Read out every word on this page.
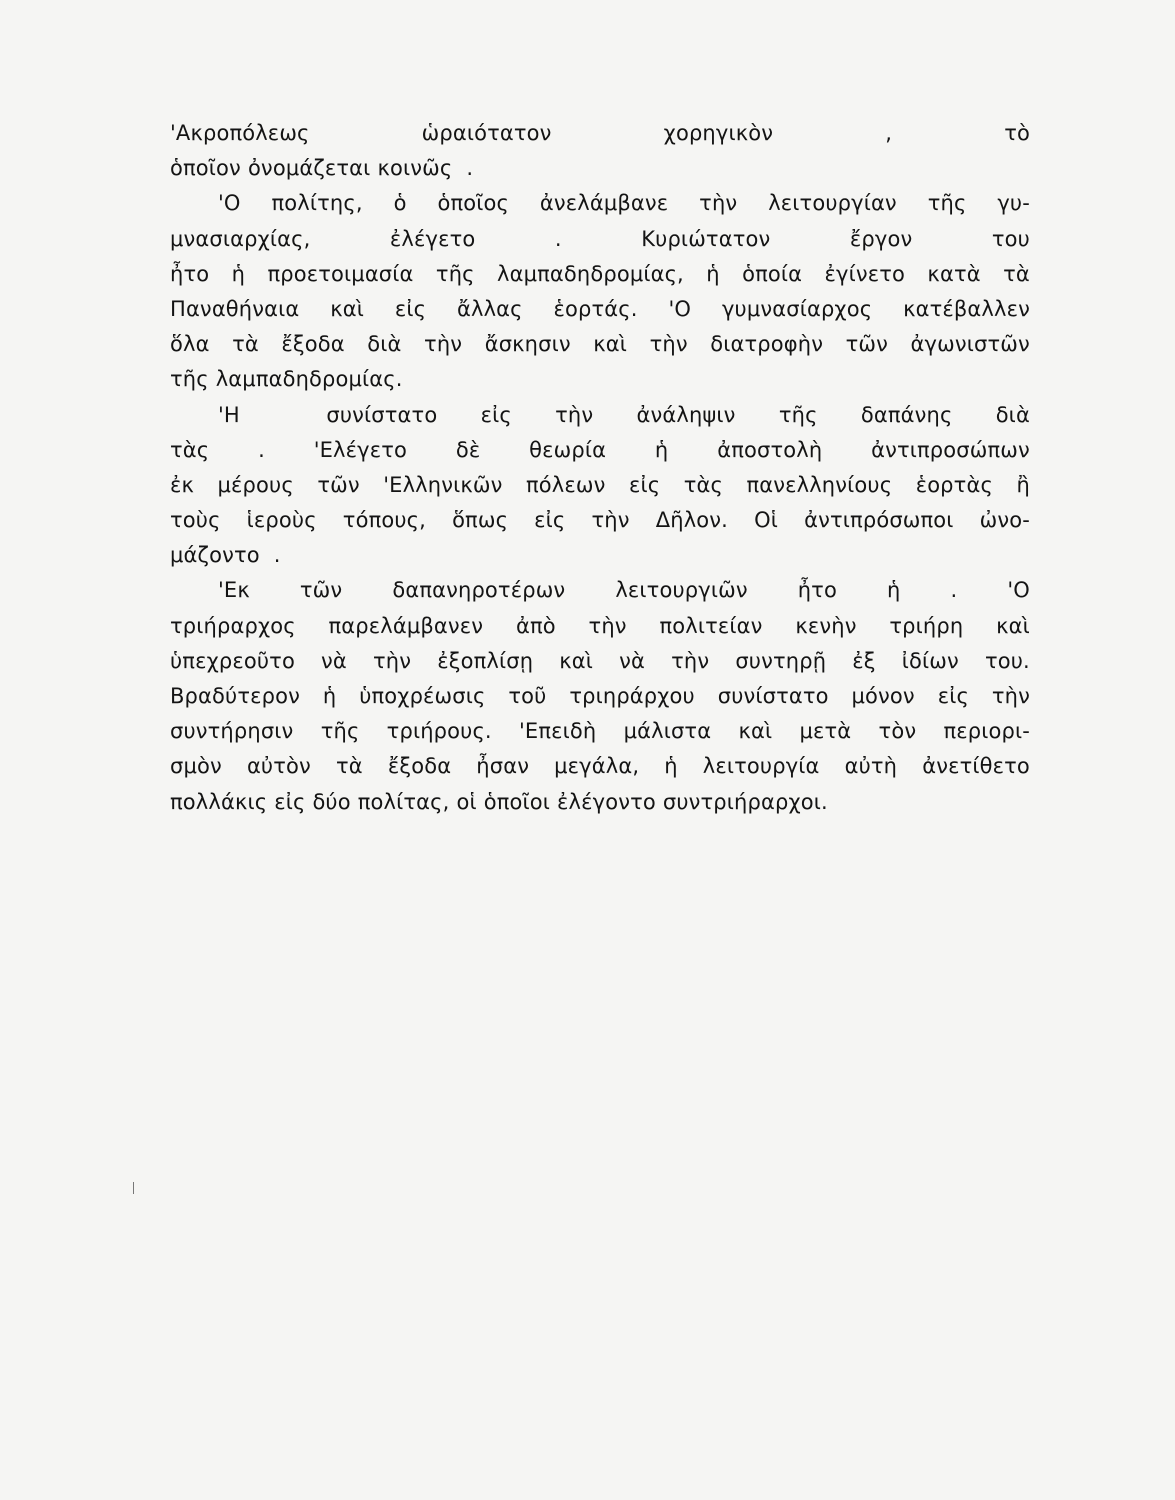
'Ακροπόλεως	ὡραιότατον	χορηγικὸν	,	τὸ
ὁποῖον ὀνομάζεται κοινῶς .
'Ο πολίτης, ὁ ὁποῖος ἀνελάμβανε τὴν λειτουργίαν τῆς γυ-
μνασιαρχίας,	ἐλέγετο	.	Κυριώτατον	ἔργον	του
ἦτο ἡ προετοιμασία τῆς λαμπαδηδρομίας, ἡ ὁποία ἐγίνετο κατὰ τὰ
Παναθήναια καὶ εἰς ἄλλας ἑορτάς. 'Ο γυμνασίαρχος κατέβαλλεν
ὅλα τὰ ἔξοδα διὰ τὴν ἄσκησιν καὶ τὴν διατροφὴν τῶν ἀγωνιστῶν
τῆς λαμπαδηδρομίας.
'Η	συνίστατο εἰς τὴν ἀνάληψιν τῆς δαπάνης διὰ
τὰς . 'Ελέγετο δὲ θεωρία ἡ ἀποστολὴ ἀντιπροσώπων
ἐκ μέρους τῶν 'Ελληνικῶν πόλεων εἰς τὰς πανελληνίους ἑορτὰς ἢ
τοὺς ἱεροὺς τόπους, ὅπως εἰς τὴν Δῆλον. Οἱ ἀντιπρόσωποι ὠνο-
μάζοντο .
'Εκ τῶν δαπανηροτέρων λειτουργιῶν ἦτο ἡ . 'Ο
τριήραρχος παρελάμβανεν ἀπὸ τὴν πολιτείαν κενὴν τριήρη καὶ
ὑπεχρεοῦτο νὰ τὴν ἐξοπλίσῃ καὶ νὰ τὴν συντηρῇ ἐξ ἰδίων του.
Βραδύτερον ἡ ὑποχρέωσις τοῦ τριηράρχου συνίστατο μόνον εἰς τὴν
συντήρησιν τῆς τριήρους. 'Επειδὴ μάλιστα καὶ μετὰ τὸν περιορι-
σμὸν αὐτὸν τὰ ἔξοδα ἦσαν μεγάλα, ἡ λειτουργία αὐτὴ ἀνετίθετο
πολλάκις εἰς δύο πολίτας, οἱ ὁποῖοι ἐλέγοντο συντριήραρχοι.
